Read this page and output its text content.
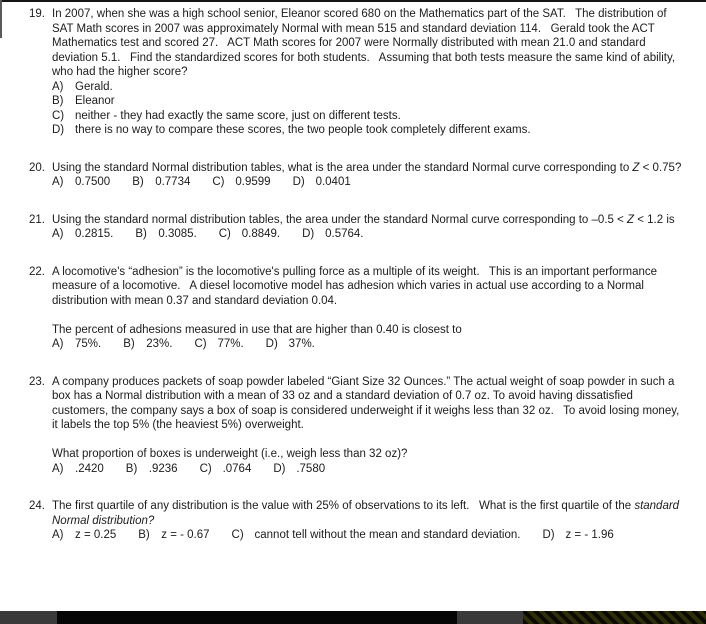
19. In 2007, when she was a high school senior, Eleanor scored 680 on the Mathematics part of the SAT.   The distribution of SAT Math scores in 2007 was approximately Normal with mean 515 and standard deviation 114.   Gerald took the ACT Mathematics test and scored 27.   ACT Math scores for 2007 were Normally distributed with mean 21.0 and standard deviation 5.1.   Find the standardized scores for both students.   Assuming that both tests measure the same kind of ability, who had the higher score?

A)	Gerald.
B)	Eleanor
C) neither - they had exactly the same score, just on different tests.
D) there is no way to compare these scores, the two people took completely different exams.
20. Using the standard Normal distribution tables, what is the area under the standard Normal curve corresponding to Z < 0.75?

A)	0.7500 B)	0.7734 C) 0.9599 D) 0.0401
21. Using the standard normal distribution tables, the area under the standard Normal curve corresponding to –0.5 < Z < 1.2 is

A)	0.2815. B)	0.3085. C) 0.8849. D) 0.5764.
22. A locomotive's “adhesion” is the locomotive's pulling force as a multiple of its weight.   This is an important performance measure of a locomotive.   A diesel locomotive model has adhesion which varies in actual use according to a Normal distribution with mean 0.37 and standard deviation 0.04.

The percent of adhesions measured in use that are higher than 0.40 is closest to

A)	75%. B)	23%. C) 77%. D) 37%.
23. A company produces packets of soap powder labeled “Giant Size 32 Ounces.” The actual weight of soap powder in such a box has a Normal distribution with a mean of 33 oz and a standard deviation of 0.7 oz. To avoid having dissatisfied customers, the company says a box of soap is considered underweight if it weighs less than 32 oz.   To avoid losing money, it labels the top 5% (the heaviest 5%) overweight.

What proportion of boxes is underweight (i.e., weigh less than 32 oz)?

A)	.2420 B)	.9236 C) .0764 D) .7580
24. The first quartile of any distribution is the value with 25% of observations to its left.   What is the first quartile of the standard Normal distribution?

A)	z = 0.25 B)	z = - 0.67 C) cannot tell without the mean and standard deviation. D) z = - 1.96
